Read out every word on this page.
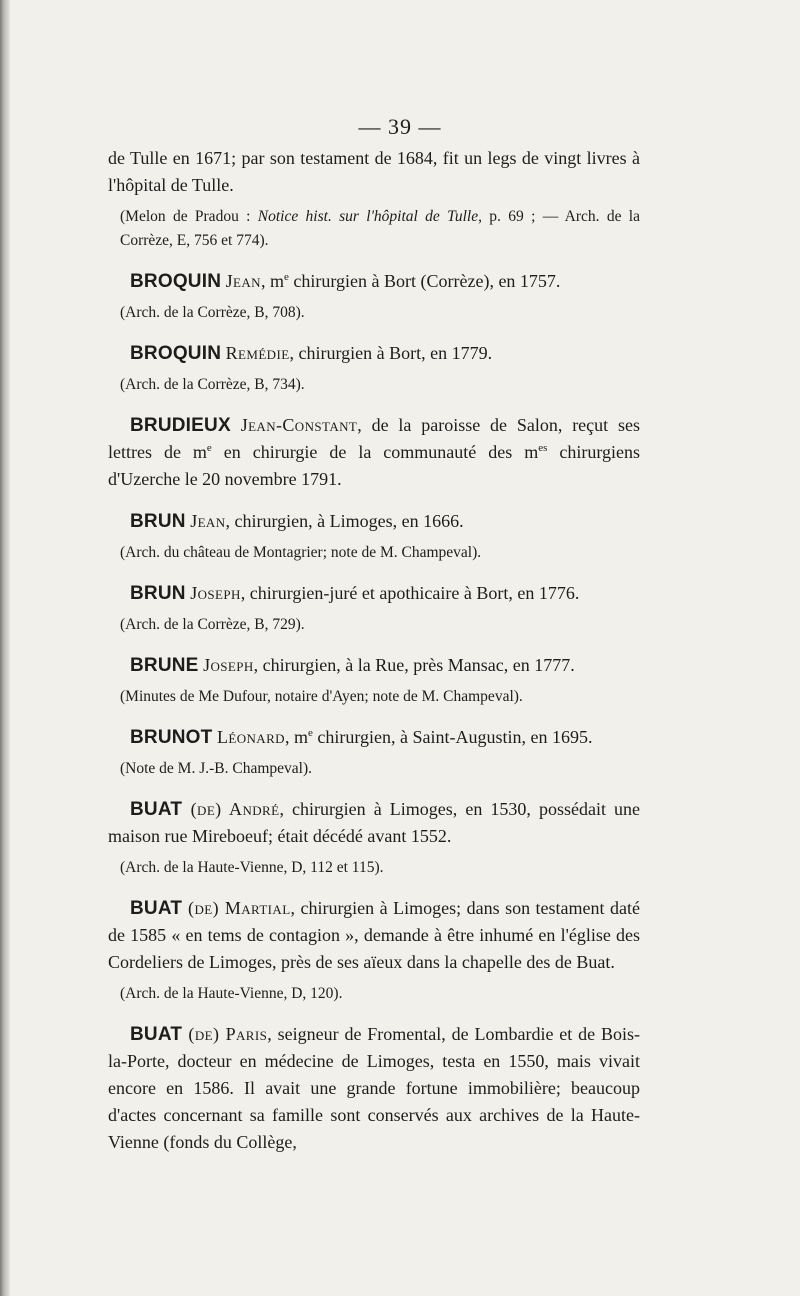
— 39 —

de Tulle en 1671; par son testament de 1684, fit un legs de vingt livres à l'hôpital de Tulle.

(Melon de Pradou : Notice hist. sur l'hôpital de Tulle, p. 69 ; — Arch. de la Corrèze, E, 756 et 774).

BROQUIN Jean, $m^e$ chirurgien à Bort (Corrèze), en 1757.

(Arch. de la Corrèze, B, 708).

BROQUIN Remédie, chirurgien à Bort, en 1779.

(Arch. de la Corrèze, B, 734).

BRUDIEUX Jean-Constant, de la paroisse de Salon, reçut ses lettres de $m^e$ en chirurgie de la communauté des $m^{es}$ chirurgiens d'Uzerche le 20 novembre 1791.

BRUN Jean, chirurgien, à Limoges, en 1666.

(Arch. du château de Montagrier; note de M. Champeval).

BRUN Joseph, chirurgien-juré et apothicaire à Bort, en 1776.

(Arch. de la Corrèze, B, 729).

BRUNE Joseph, chirurgien, à la Rue, près Mansac, en 1777.

(Minutes de Me Dufour, notaire d'Ayen; note de M. Champeval).

BRUNOT Léonard, $m^e$ chirurgien, à Saint-Augustin, en 1695.

(Note de M. J.-B. Champeval).

BUAT (de) André, chirurgien à Limoges, en 1530, possédait une maison rue Mireboeuf; était décédé avant 1552.

(Arch. de la Haute-Vienne, D, 112 et 115).

BUAT (de) Martial, chirurgien à Limoges; dans son testament daté de 1585 « en tems de contagion », demande à être inhumé en l'église des Cordeliers de Limoges, près de ses aïeux dans la chapelle des de Buat.

(Arch. de la Haute-Vienne, D, 120).

BUAT (de) Paris, seigneur de Fromental, de Lombardie et de Bois-la-Porte, docteur en médecine de Limoges, testa en 1550, mais vivait encore en 1586. Il avait une grande fortune immobilière; beaucoup d'actes concernant sa famille sont conservés aux archives de la Haute-Vienne (fonds du Collège,
